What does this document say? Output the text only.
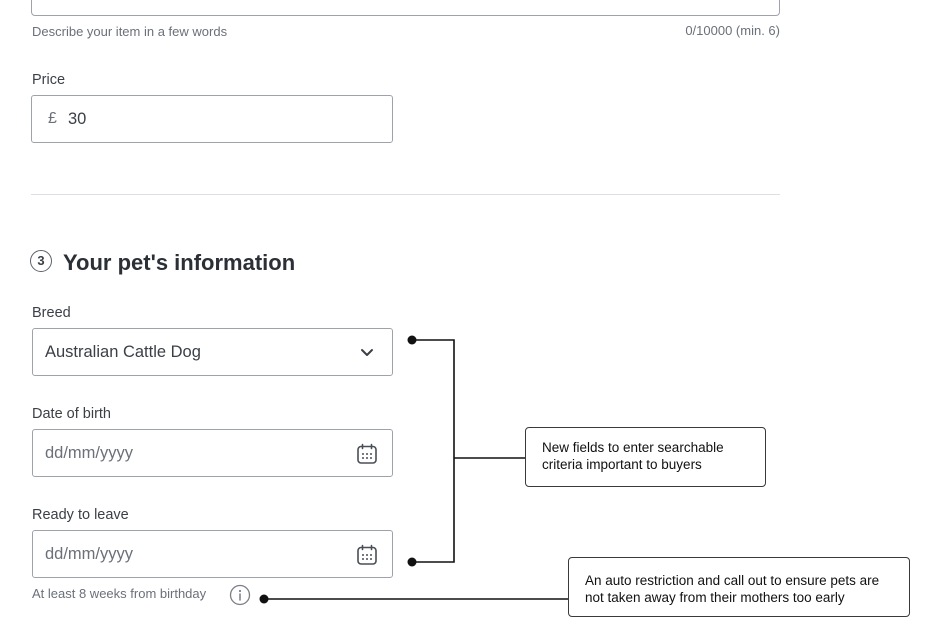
Describe your item in a few words	0/10000 (min. 6)
Price
£ 30
3 Your pet's information
Breed
Australian Cattle Dog
Date of birth
dd/mm/yyyy
Ready to leave
dd/mm/yyyy
At least 8 weeks from birthday
New fields to enter searchable criteria important to buyers
An auto restriction and call out to ensure pets are not taken away from their mothers too early
